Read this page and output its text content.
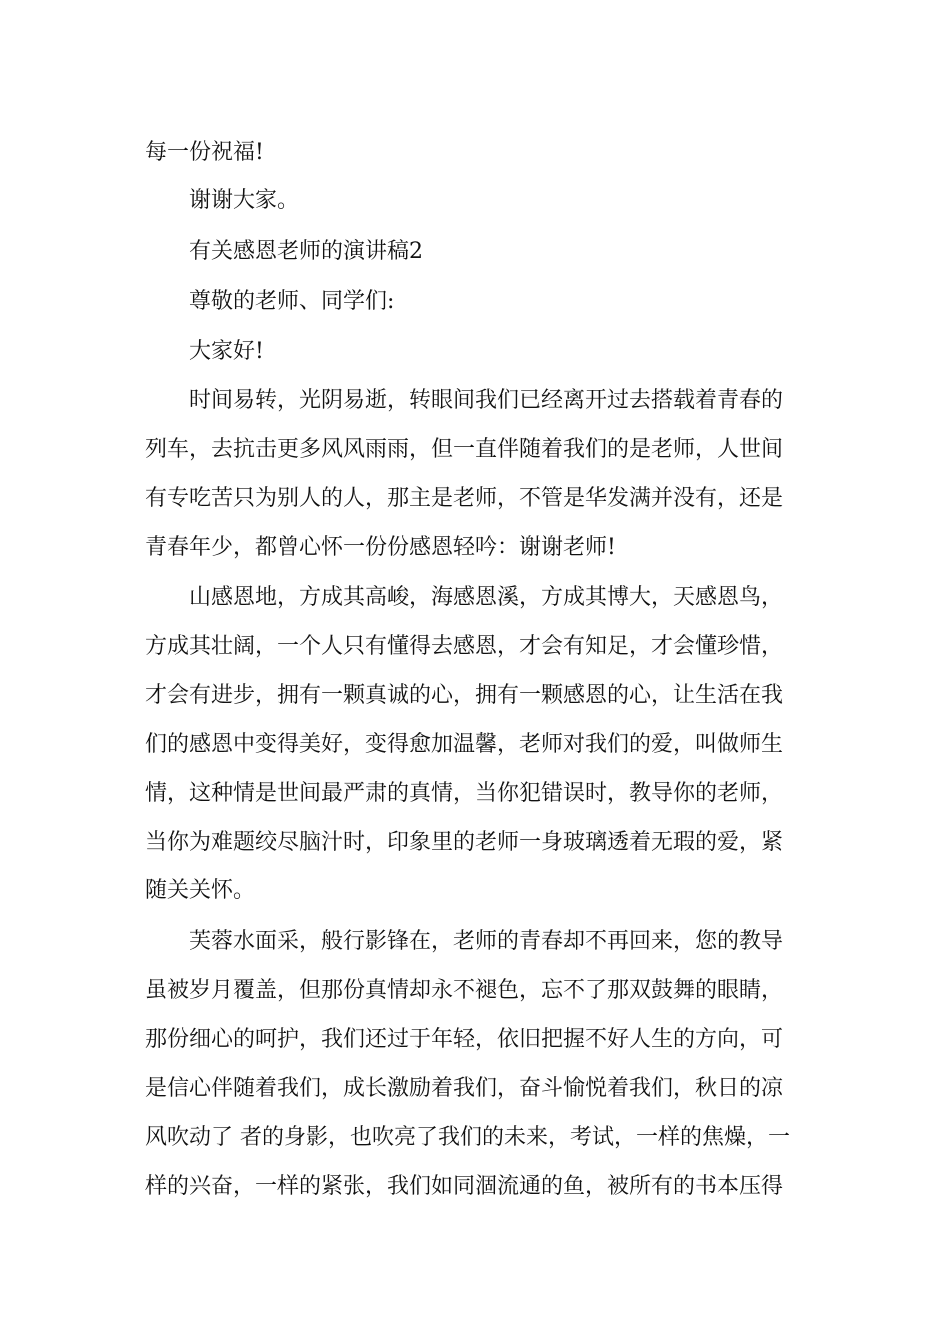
每一份祝福!
谢谢大家。
有关感恩老师的演讲稿2
尊敬的老师、同学们:
大家好!
时间易转，光阴易逝，转眼间我们已经离开过去搭载着青春的
列车，去抗击更多风风雨雨，但一直伴随着我们的是老师，人世间
有专吃苦只为别人的人，那主是老师，不管是华发满并没有，还是
青春年少，都曾心怀一份份感恩轻吟：谢谢老师!
山感恩地，方成其高峻，海感恩溪，方成其博大，天感恩鸟，
方成其壮阔，一个人只有懂得去感恩，才会有知足，才会懂珍惜，
才会有进步，拥有一颗真诚的心，拥有一颗感恩的心，让生活在我
们的感恩中变得美好，变得愈加温馨，老师对我们的爱，叫做师生
情，这种情是世间最严肃的真情，当你犯错误时，教导你的老师，
当你为难题绞尽脑汁时，印象里的老师一身玻璃透着无瑕的爱，紧
随关关怀。
芙蓉水面采，般行影锋在，老师的青春却不再回来，您的教导
虽被岁月覆盖，但那份真情却永不褪色，忘不了那双鼓舞的眼睛，
那份细心的呵护，我们还过于年轻，依旧把握不好人生的方向，可
是信心伴随着我们，成长激励着我们，奋斗愉悦着我们，秋日的凉
风吹动了 者的身影，也吹亮了我们的未来，考试，一样的焦燥，一
样的兴奋，一样的紧张，我们如同涸流通的鱼，被所有的书本压得
